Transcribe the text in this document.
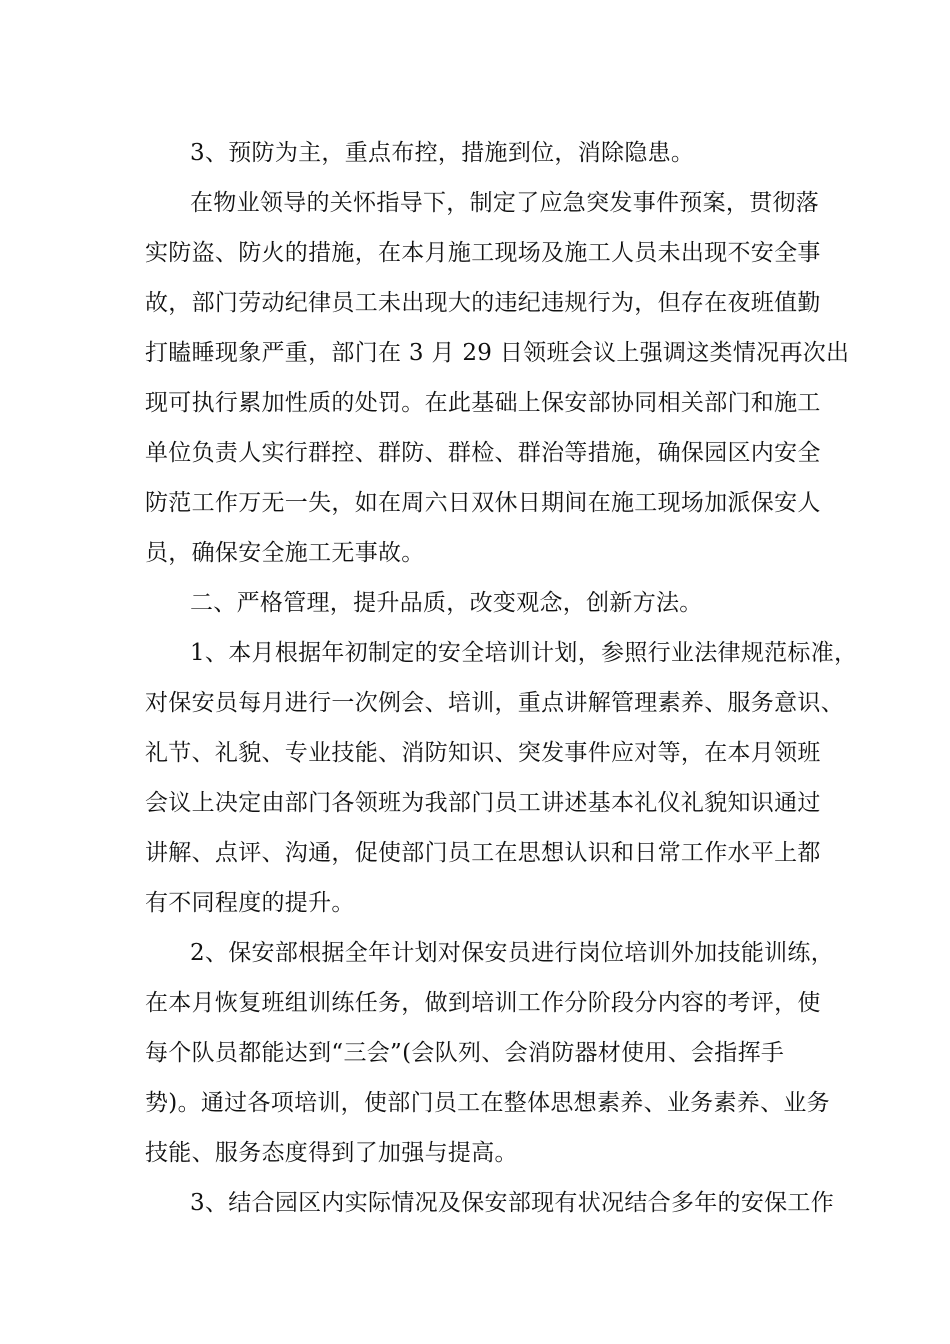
3、预防为主，重点布控，措施到位，消除隐患。
在物业领导的关怀指导下，制定了应急突发事件预案，贯彻落
实防盗、防火的措施，在本月施工现场及施工人员未出现不安全事
故，部门劳动纪律员工未出现大的违纪违规行为，但存在夜班值勤
打瞌睡现象严重，部门在 3 月 29 日领班会议上强调这类情况再次出
现可执行累加性质的处罚。在此基础上保安部协同相关部门和施工
单位负责人实行群控、群防、群检、群治等措施，确保园区内安全
防范工作万无一失，如在周六日双休日期间在施工现场加派保安人
员，确保安全施工无事故。
二、严格管理，提升品质，改变观念，创新方法。
1、本月根据年初制定的安全培训计划，参照行业法律规范标准，
对保安员每月进行一次例会、培训，重点讲解管理素养、服务意识、
礼节、礼貌、专业技能、消防知识、突发事件应对等，在本月领班
会议上决定由部门各领班为我部门员工讲述基本礼仪礼貌知识通过
讲解、点评、沟通，促使部门员工在思想认识和日常工作水平上都
有不同程度的提升。
2、保安部根据全年计划对保安员进行岗位培训外加技能训练，
在本月恢复班组训练任务，做到培训工作分阶段分内容的考评，使
每个队员都能达到“三会”(会队列、会消防器材使用、会指挥手
势)。通过各项培训，使部门员工在整体思想素养、业务素养、业务
技能、服务态度得到了加强与提高。
3、结合园区内实际情况及保安部现有状况结合多年的安保工作
